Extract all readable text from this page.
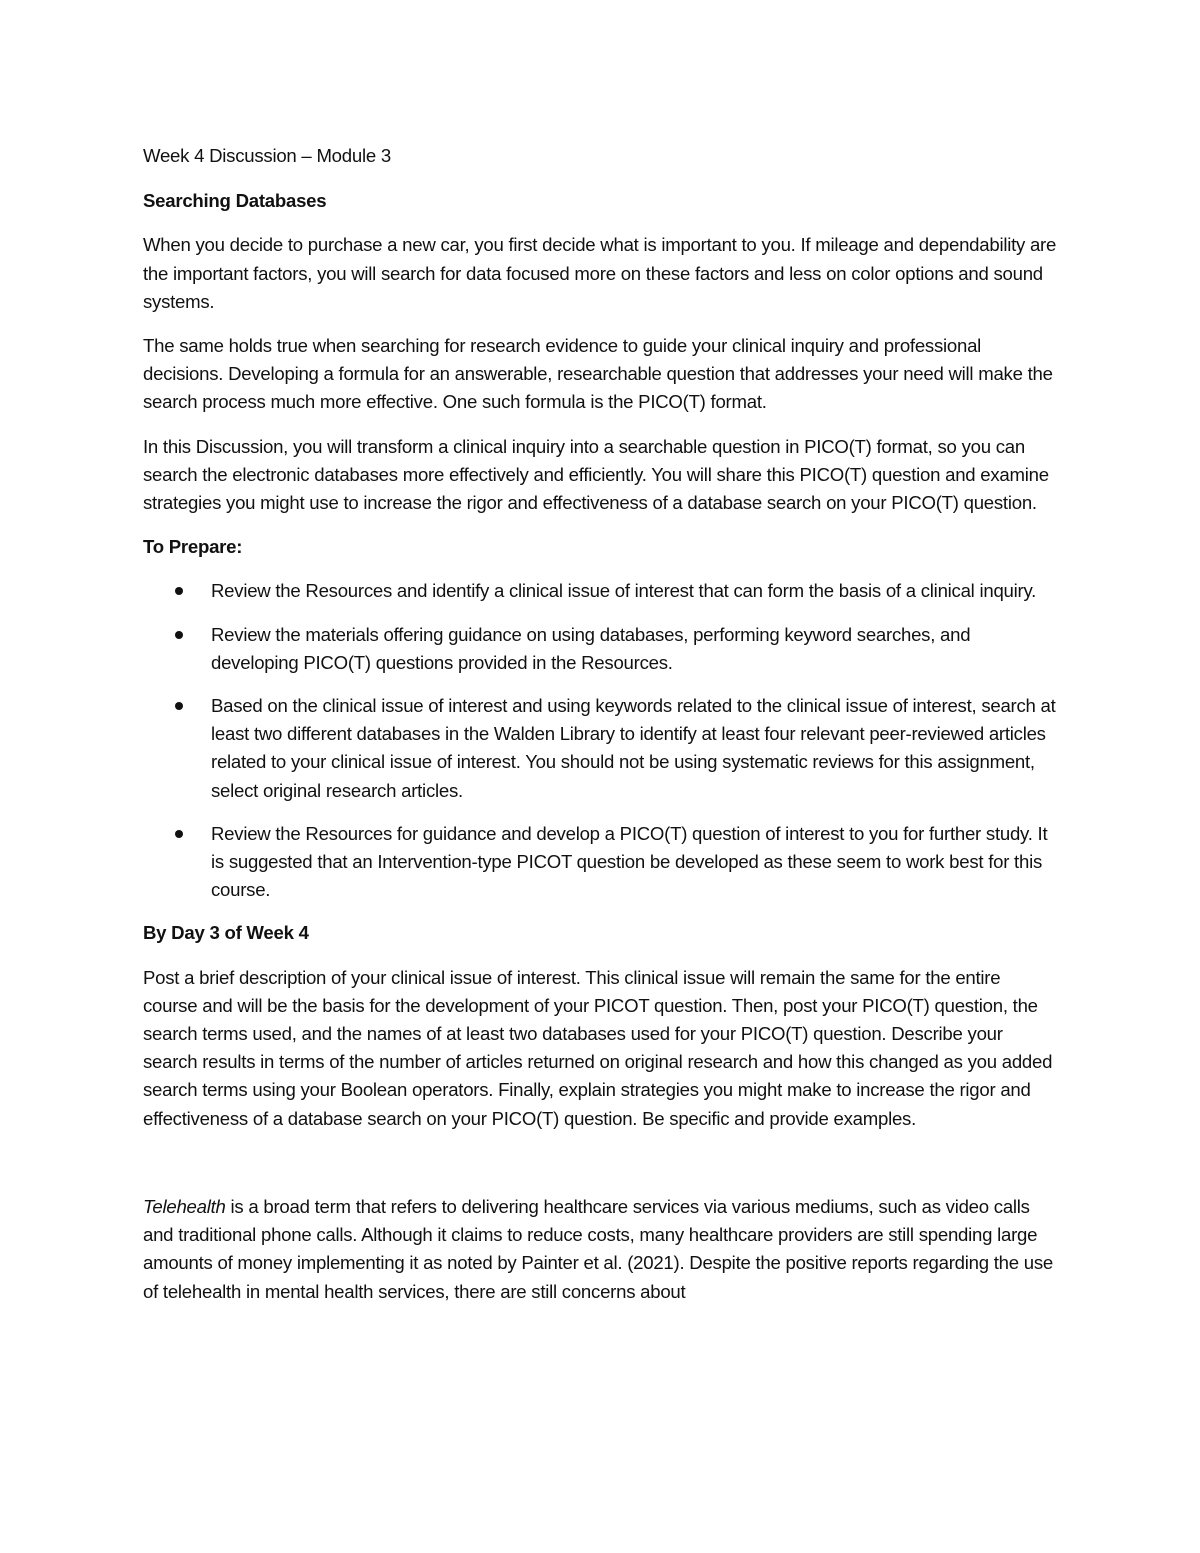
Week 4 Discussion – Module 3

Searching Databases

When you decide to purchase a new car, you first decide what is important to you. If mileage and dependability are the important factors, you will search for data focused more on these factors and less on color options and sound systems.

The same holds true when searching for research evidence to guide your clinical inquiry and professional decisions. Developing a formula for an answerable, researchable question that addresses your need will make the search process much more effective. One such formula is the PICO(T) format.

In this Discussion, you will transform a clinical inquiry into a searchable question in PICO(T) format, so you can search the electronic databases more effectively and efficiently. You will share this PICO(T) question and examine strategies you might use to increase the rigor and effectiveness of a database search on your PICO(T) question.

To Prepare:

Review the Resources and identify a clinical issue of interest that can form the basis of a clinical inquiry.
Review the materials offering guidance on using databases, performing keyword searches, and developing PICO(T) questions provided in the Resources.
Based on the clinical issue of interest and using keywords related to the clinical issue of interest, search at least two different databases in the Walden Library to identify at least four relevant peer-reviewed articles related to your clinical issue of interest. You should not be using systematic reviews for this assignment, select original research articles.
Review the Resources for guidance and develop a PICO(T) question of interest to you for further study. It is suggested that an Intervention-type PICOT question be developed as these seem to work best for this course.

By Day 3 of Week 4

Post a brief description of your clinical issue of interest. This clinical issue will remain the same for the entire course and will be the basis for the development of your PICOT question. Then, post your PICO(T) question, the search terms used, and the names of at least two databases used for your PICO(T) question. Describe your search results in terms of the number of articles returned on original research and how this changed as you added search terms using your Boolean operators. Finally, explain strategies you might make to increase the rigor and effectiveness of a database search on your PICO(T) question. Be specific and provide examples.

Telehealth is a broad term that refers to delivering healthcare services via various mediums, such as video calls and traditional phone calls. Although it claims to reduce costs, many healthcare providers are still spending large amounts of money implementing it as noted by Painter et al. (2021). Despite the positive reports regarding the use of telehealth in mental health services, there are still concerns about
